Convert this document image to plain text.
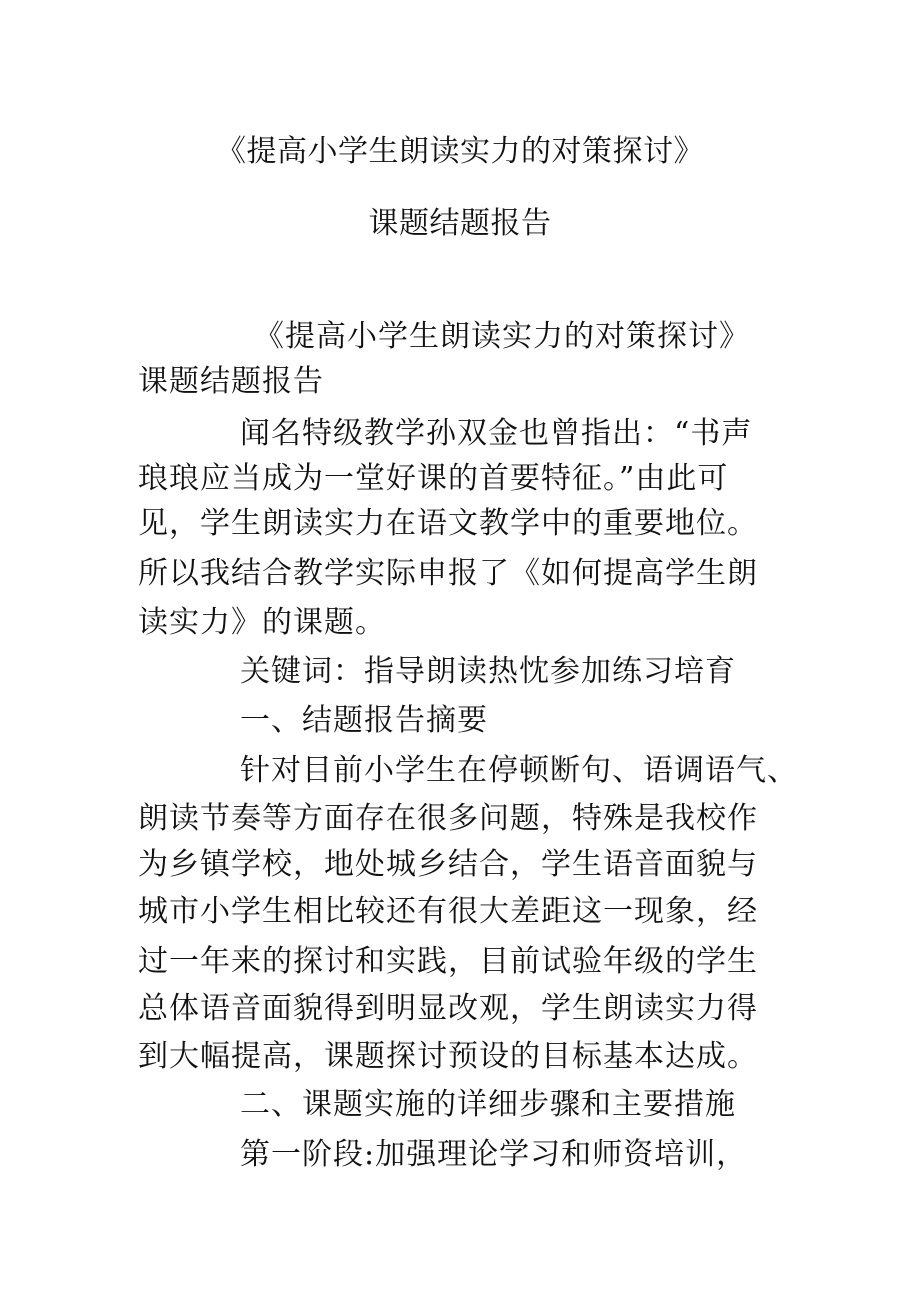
《提高小学生朗读实力的对策探讨》
课题结题报告
《提高小学生朗读实力的对策探讨》
课题结题报告
闻名特级教学孙双金也曾指出：“书声
琅琅应当成为一堂好课的首要特征。”由此可
见，学生朗读实力在语文教学中的重要地位。
所以我结合教学实际申报了《如何提高学生朗
读实力》的课题。
关键词：指导朗读热忱参加练习培育
一、结题报告摘要
针对目前小学生在停顿断句、语调语气、
朗读节奏等方面存在很多问题，特殊是我校作
为乡镇学校，地处城乡结合，学生语音面貌与
城市小学生相比较还有很大差距这一现象，经
过一年来的探讨和实践，目前试验年级的学生
总体语音面貌得到明显改观，学生朗读实力得
到大幅提高，课题探讨预设的目标基本达成。
二、课题实施的详细步骤和主要措施
第一阶段:加强理论学习和师资培训，
